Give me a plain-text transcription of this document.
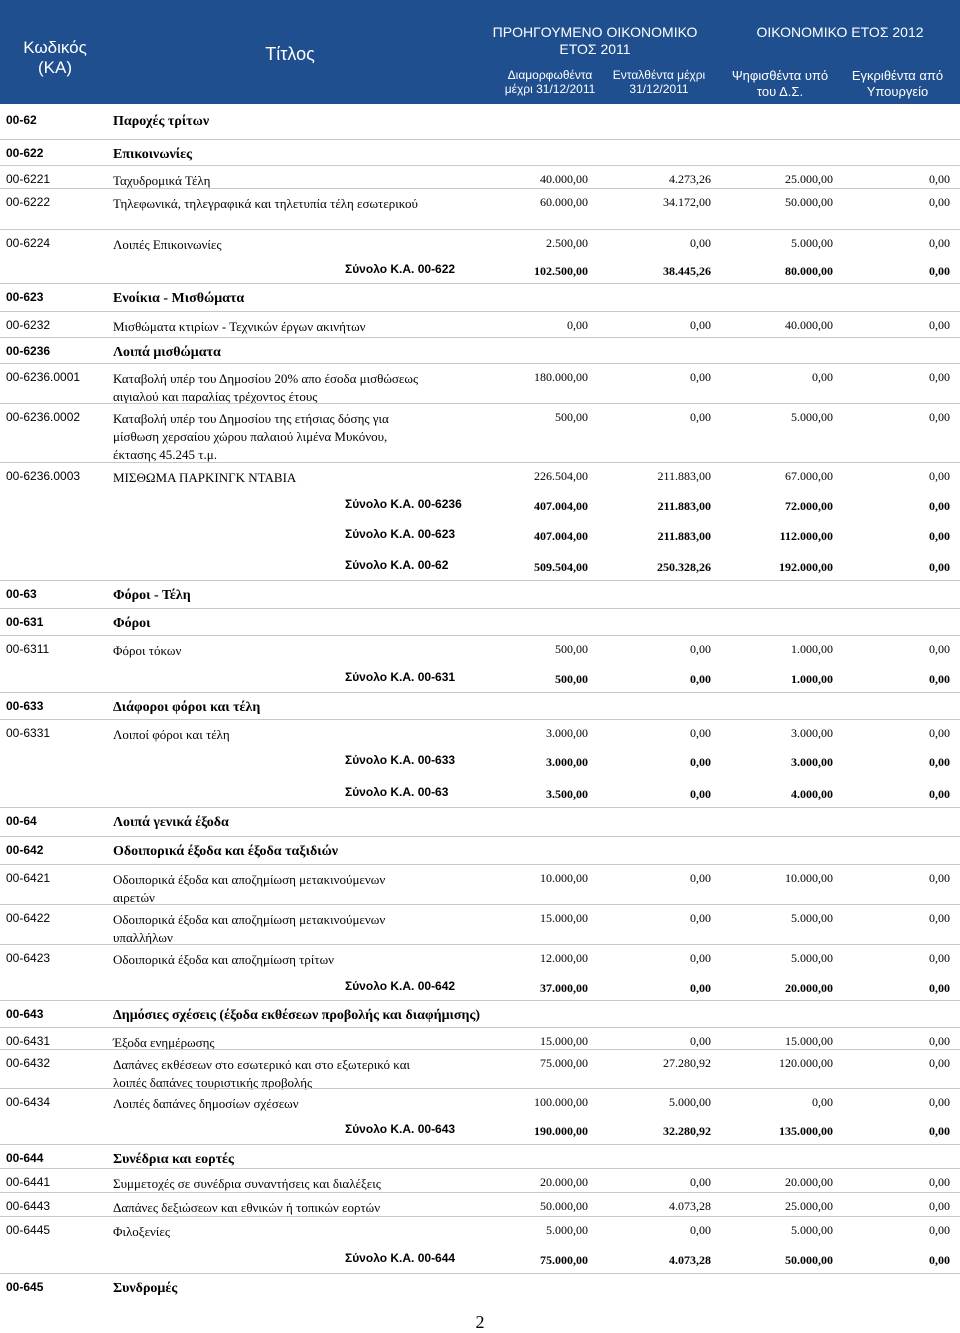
Κωδικός
(ΚΑ)
Τίτλος
ΠΡΟΗΓΟΥΜΕΝΟ ΟΙΚΟΝΟΜΙΚΟ
ΕΤΟΣ 2011
Διαμορφωθέντα
μέχρι 31/12/2011
Ενταλθέντα μέχρι
31/12/2011
ΟΙΚΟΝΟΜΙΚΟ ΕΤΟΣ 2012
Ψηφισθέντα υπό
του Δ.Σ.
Εγκριθέντα από
Υπουργείο
00-62	Παροχές τρίτων
00-622	Επικοινωνίες
00-6221	Ταχυδρομικά Τέλη	40.000,00	4.273,26	25.000,00	0,00
00-6222	Τηλεφωνικά, τηλεγραφικά και τηλετυπία τέλη εσωτερικού	60.000,00	34.172,00	50.000,00	0,00
00-6224	Λοιπές Επικοινωνίες	2.500,00	0,00	5.000,00	0,00
Σύνολο Κ.Α. 00-622	102.500,00	38.445,26	80.000,00	0,00
00-623	Ενοίκια - Μισθώματα
00-6232	Μισθώματα κτιρίων - Τεχνικών έργων ακινήτων	0,00	0,00	40.000,00	0,00
00-6236	Λοιπά μισθώματα
00-6236.0001	Καταβολή υπέρ του Δημοσίου 20% απο έσοδα μισθώσεως αιγιαλού και παραλίας τρέχοντος έτους
180.000,00	0,00	0,00	0,00
00-6236.0002	Καταβολή υπέρ του Δημοσίου της ετήσιας δόσης για μίσθωση χερσαίου χώρου παλαιού λιμένα Μυκόνου, έκτασης 45.245 τ.μ.
500,00	0,00	5.000,00	0,00
00-6236.0003	ΜΙΣΘΩΜΑ ΠΑΡΚΙΝΓΚ ΝΤΑΒΙΑ	226.504,00	211.883,00	67.000,00	0,00
Σύνολο Κ.Α. 00-6236	407.004,00	211.883,00	72.000,00	0,00
Σύνολο Κ.Α. 00-623	407.004,00	211.883,00	112.000,00	0,00
Σύνολο Κ.Α. 00-62	509.504,00	250.328,26	192.000,00	0,00
00-63	Φόροι - Τέλη
00-631	Φόροι
00-6311	Φόροι τόκων	500,00	0,00	1.000,00	0,00
Σύνολο Κ.Α. 00-631	500,00	0,00	1.000,00	0,00
00-633	Διάφοροι φόροι και τέλη
00-6331	Λοιποί φόροι και τέλη	3.000,00	0,00	3.000,00	0,00
Σύνολο Κ.Α. 00-633	3.000,00	0,00	3.000,00	0,00
Σύνολο Κ.Α. 00-63	3.500,00	0,00	4.000,00	0,00
00-64	Λοιπά γενικά έξοδα
00-642	Οδοιπορικά έξοδα και έξοδα ταξιδιών
00-6421	Οδοιπορικά έξοδα και αποζημίωση μετακινούμενων αιρετών
10.000,00	0,00	10.000,00	0,00
00-6422	Οδοιπορικά έξοδα και αποζημίωση μετακινούμενων υπαλλήλων
15.000,00	0,00	5.000,00	0,00
00-6423	Οδοιπορικά έξοδα και αποζημίωση τρίτων	12.000,00	0,00	5.000,00	0,00
Σύνολο Κ.Α. 00-642	37.000,00	0,00	20.000,00	0,00
00-643	Δημόσιες σχέσεις (έξοδα εκθέσεων προβολής και διαφήμισης)
00-6431	Έξοδα ενημέρωσης	15.000,00	0,00	15.000,00	0,00
00-6432	Δαπάνες εκθέσεων στο εσωτερικό και στο εξωτερικό και λοιπές δαπάνες τουριστικής προβολής
75.000,00	27.280,92	120.000,00	0,00
00-6434	Λοιπές δαπάνες δημοσίων σχέσεων	100.000,00	5.000,00	0,00	0,00
Σύνολο Κ.Α. 00-643	190.000,00	32.280,92	135.000,00	0,00
00-644	Συνέδρια και εορτές
00-6441	Συμμετοχές σε συνέδρια συναντήσεις και διαλέξεις	20.000,00	0,00	20.000,00	0,00
00-6443	Δαπάνες δεξιώσεων και εθνικών ή τοπικών εορτών	50.000,00	4.073,28	25.000,00	0,00
00-6445	Φιλοξενίες	5.000,00	0,00	5.000,00	0,00
Σύνολο Κ.Α. 00-644	75.000,00	4.073,28	50.000,00	0,00
00-645	Συνδρομές
2
